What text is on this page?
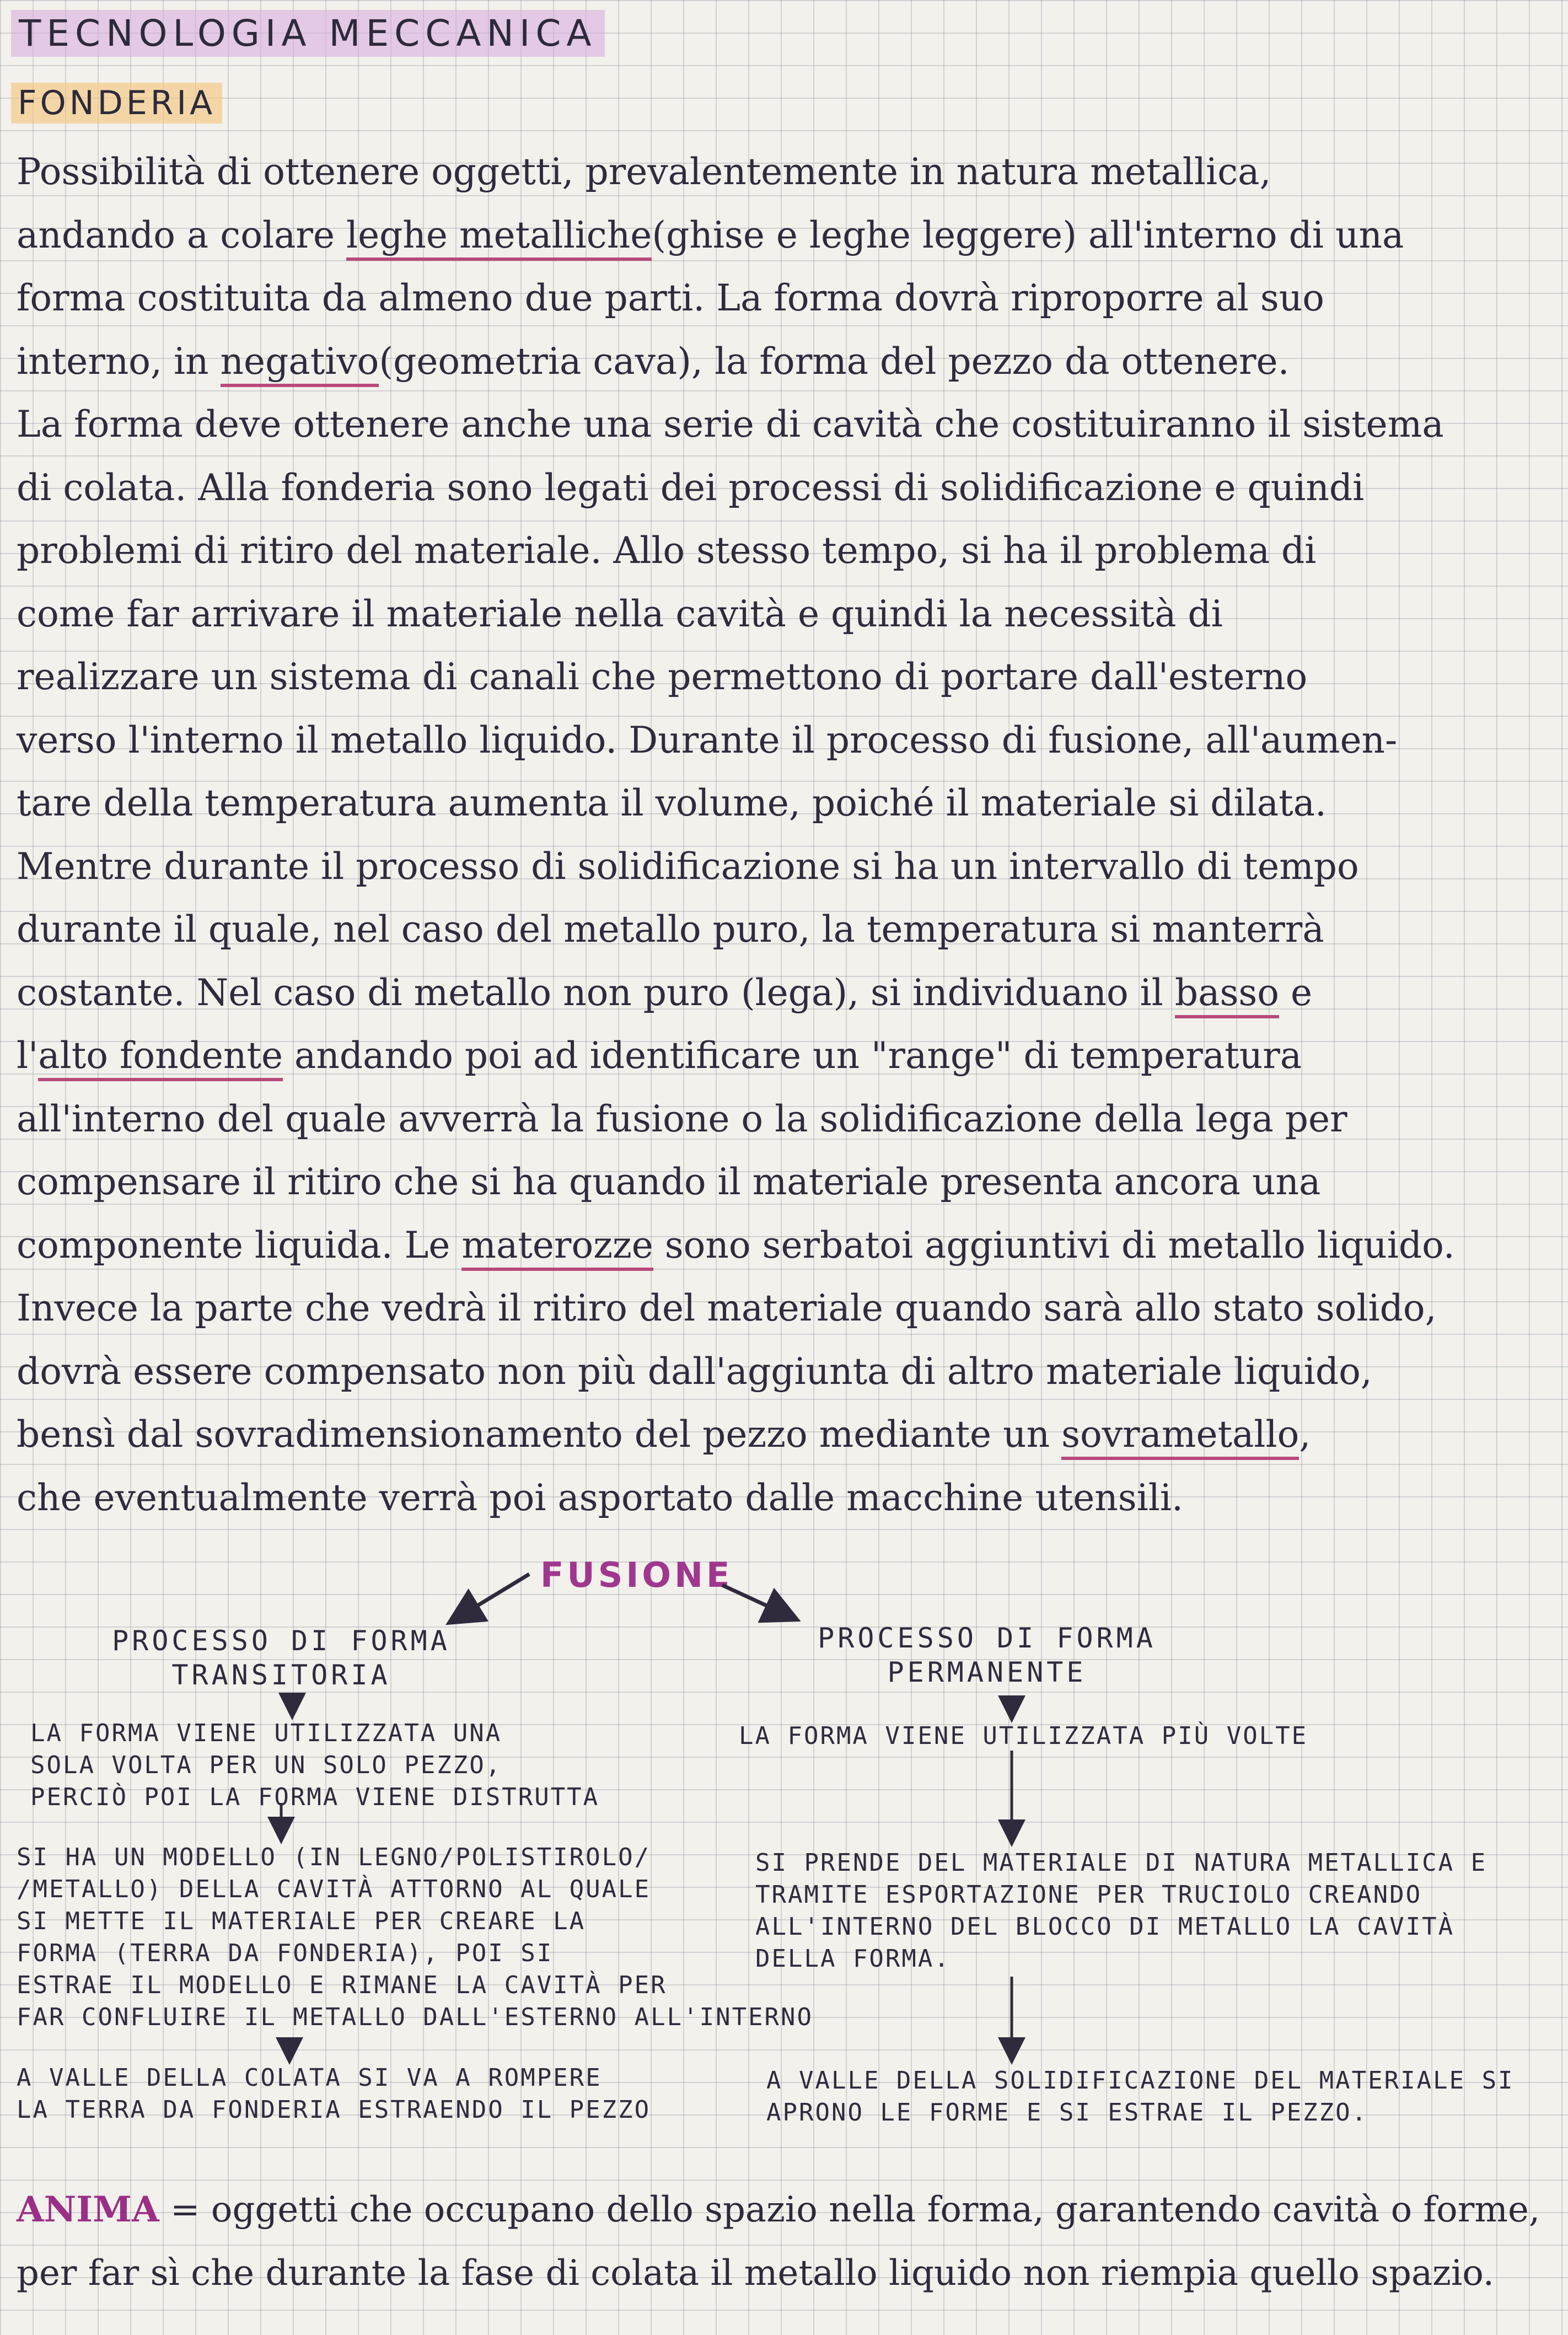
TECNOLOGIA MECCANICA
FONDERIA

Possibilità di ottenere oggetti, prevalentemente in natura metallica,

andando a colare leghe metalliche(ghise e leghe leggere) all'interno di una

forma costituita da almeno due parti. La forma dovrà riproporre al suo

interno, in negativo(geometria cava), la forma del pezzo da ottenere.

La forma deve ottenere anche una serie di cavità che costituiranno il sistema

di colata. Alla fonderia sono legati dei processi di solidificazione e quindi

problemi di ritiro del materiale. Allo stesso tempo, si ha il problema di

come far arrivare il materiale nella cavità e quindi la necessità di

realizzare un sistema di canali che permettono di portare dall'esterno

verso l'interno il metallo liquido. Durante il processo di fusione, all'aumen-

tare della temperatura aumenta il volume, poiché il materiale si dilata.

Mentre durante il processo di solidificazione si ha un intervallo di tempo

durante il quale, nel caso del metallo puro, la temperatura si manterrà

costante. Nel caso di metallo non puro (lega), si individuano il basso e

l'alto fondente andando poi ad identificare un "range" di temperatura

all'interno del quale avverrà la fusione o la solidificazione della lega per

compensare il ritiro che si ha quando il materiale presenta ancora una

componente liquida. Le materozze sono serbatoi aggiuntivi di metallo liquido.

Invece la parte che vedrà il ritiro del materiale quando sarà allo stato solido,

dovrà essere compensato non più dall'aggiunta di altro materiale liquido,

bensì dal sovradimensionamento del pezzo mediante un sovrametallo,

che eventualmente verrà poi asportato dalle macchine utensili.

FUSIONE
PROCESSO DI FORMA
TRANSITORIA
LA FORMA VIENE UTILIZZATA UNA
SOLA VOLTA PER UN SOLO PEZZO,
PERCIÒ POI LA FORMA VIENE DISTRUTTA
SI HA UN MODELLO (IN LEGNO/POLISTIROLO/
/METALLO) DELLA CAVITÀ ATTORNO AL QUALE
SI METTE IL MATERIALE PER CREARE LA
FORMA (TERRA DA FONDERIA), POI SI
ESTRAE IL MODELLO E RIMANE LA CAVITÀ PER
FAR CONFLUIRE IL METALLO DALL'ESTERNO ALL'INTERNO
A VALLE DELLA COLATA SI VA A ROMPERE
LA TERRA DA FONDERIA ESTRAENDO IL PEZZO
PROCESSO DI FORMA
PERMANENTE
LA FORMA VIENE UTILIZZATA PIÙ VOLTE
SI PRENDE DEL MATERIALE DI NATURA METALLICA E
TRAMITE ESPORTAZIONE PER TRUCIOLO CREANDO
ALL'INTERNO DEL BLOCCO DI METALLO LA CAVITÀ
DELLA FORMA.
A VALLE DELLA SOLIDIFICAZIONE DEL MATERIALE SI
APRONO LE FORME E SI ESTRAE IL PEZZO.

ANIMA = oggetti che occupano dello spazio nella forma, garantendo cavità o forme,

per far sì che durante la fase di colata il metallo liquido non riempia quello spazio.
